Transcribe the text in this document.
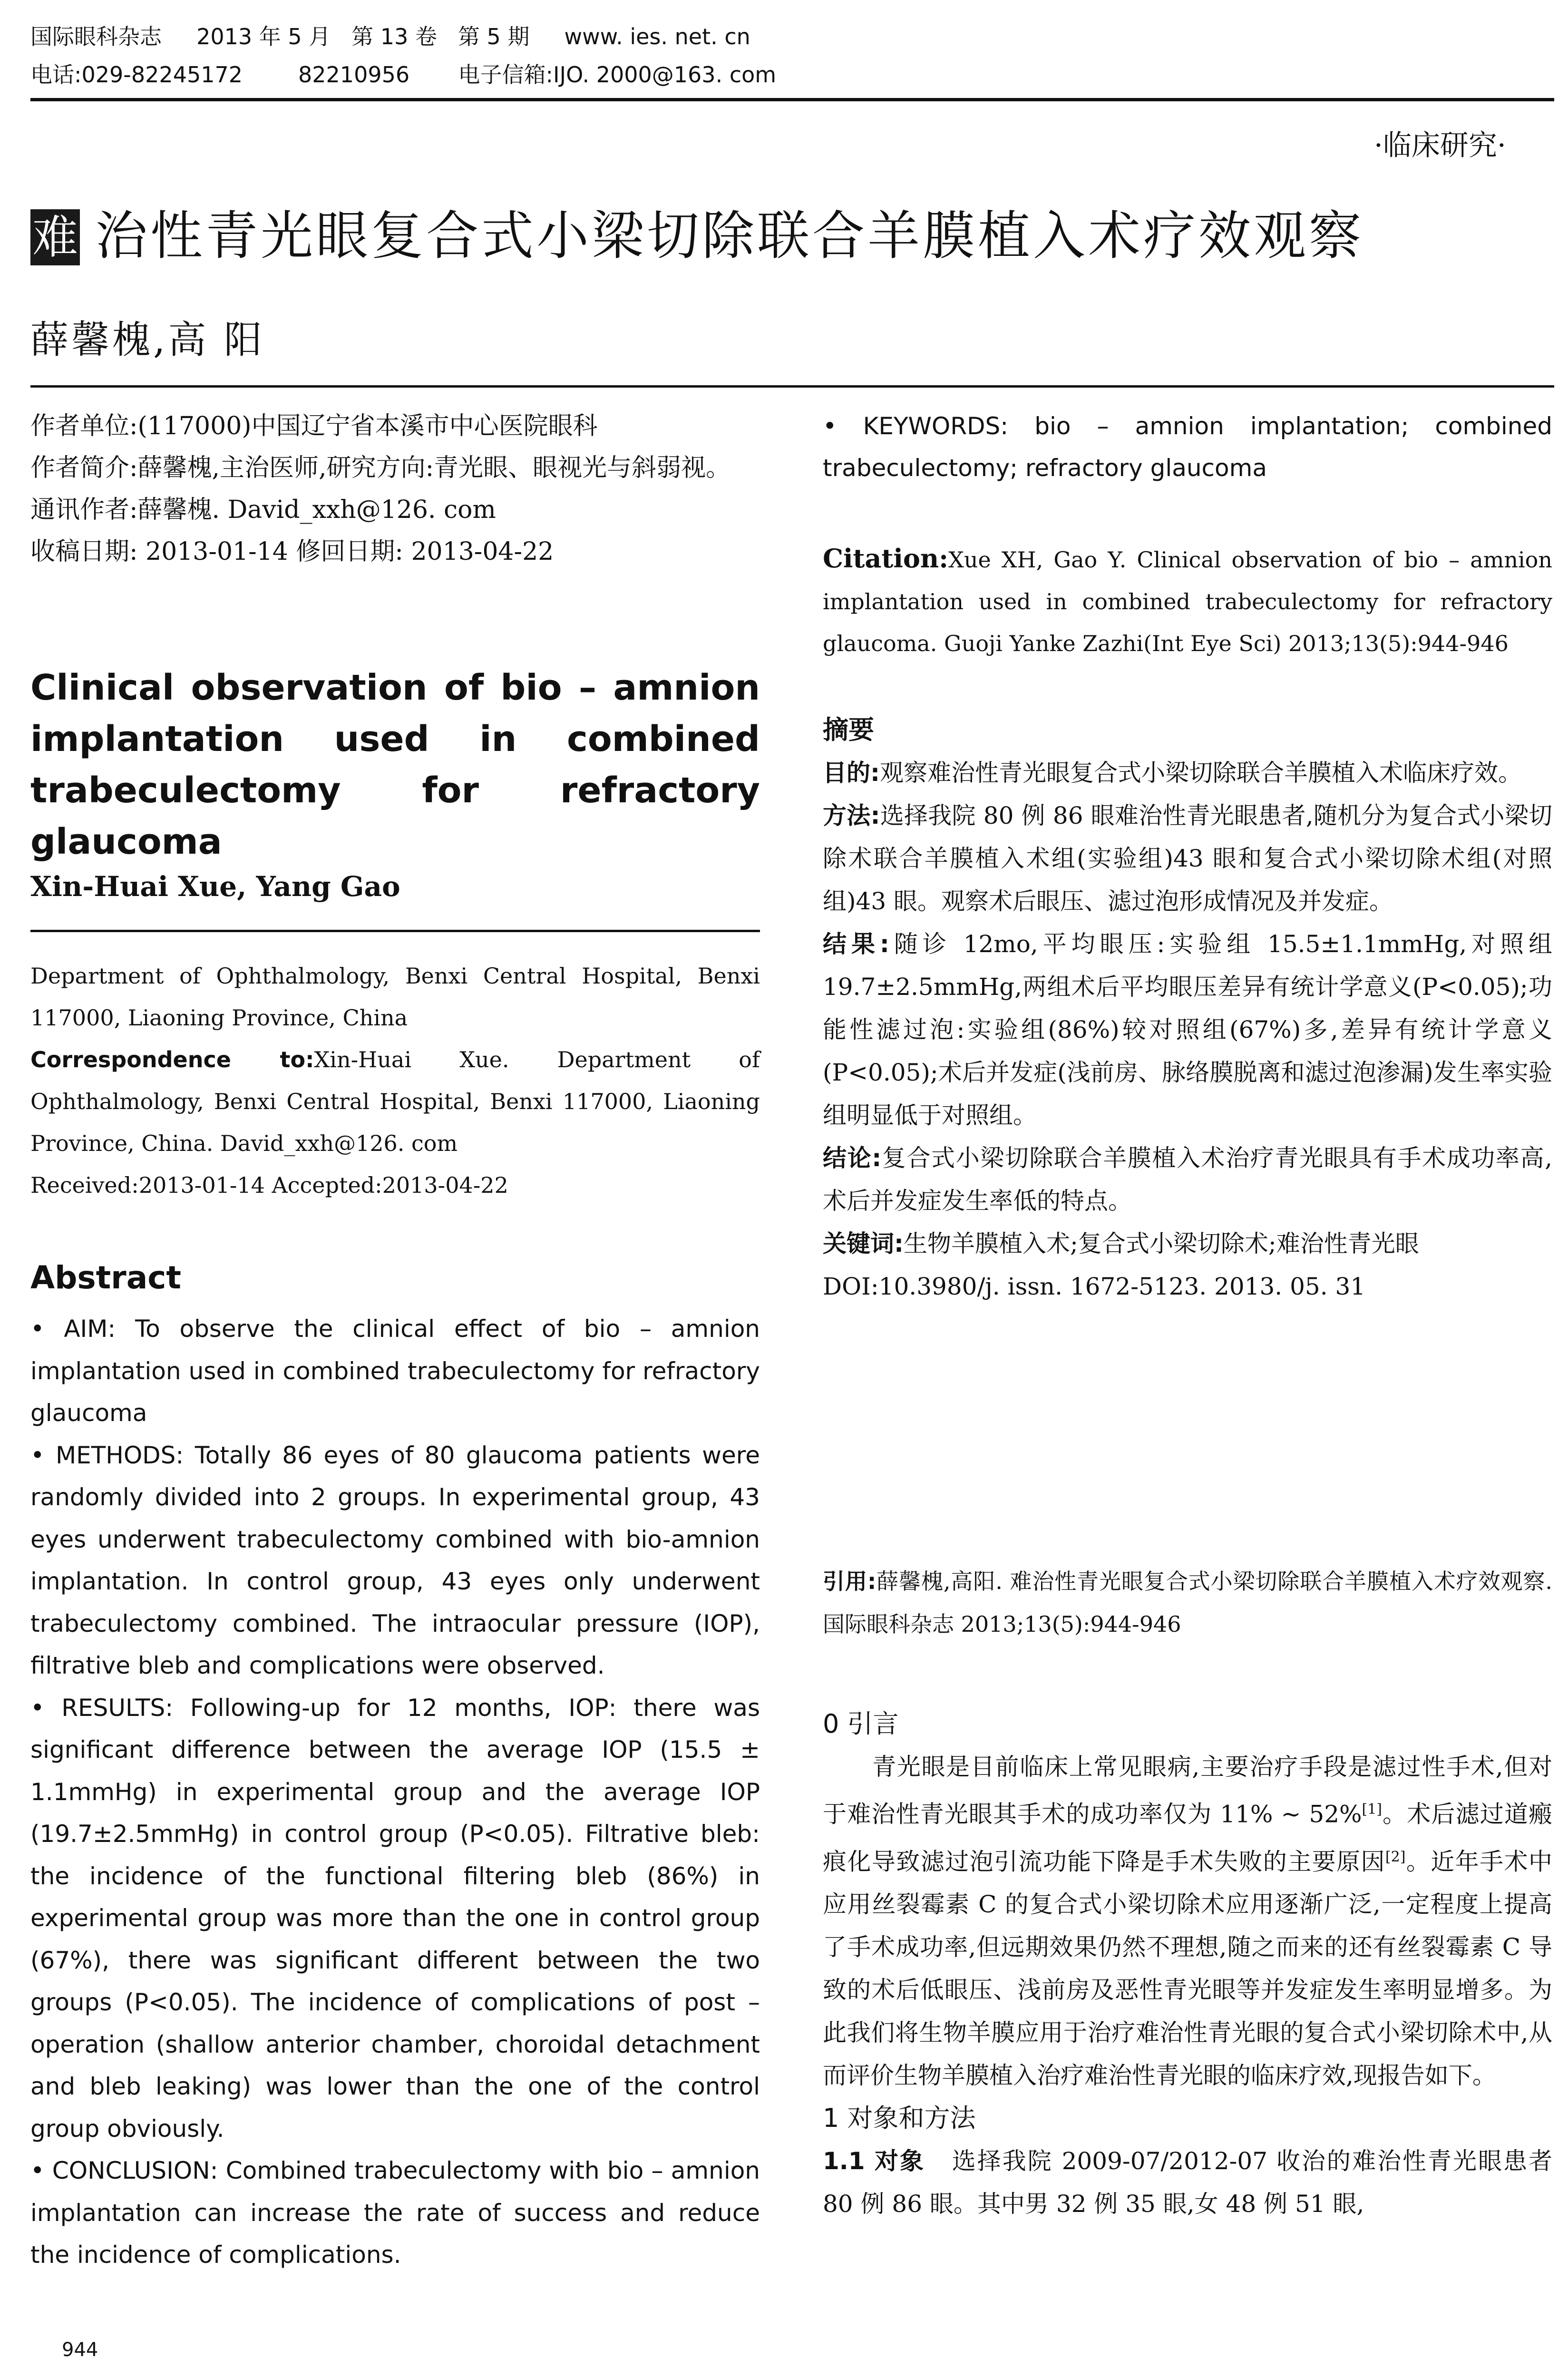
国际眼科杂志     2013 年 5 月   第 13 卷   第 5 期     www. ies. net. cn
电话:029-82245172        82210956       电子信箱:IJO. 2000@163. com
·临床研究·
难 治性青光眼复合式小梁切除联合羊膜植入术疗效观察
薛馨槐,高 阳

作者单位:(117000)中国辽宁省本溪市中心医院眼科

作者简介:薛馨槐,主治医师,研究方向:青光眼、眼视光与斜弱视。

通讯作者:薛馨槐. David_xxh@126. com

收稿日期: 2013-01-14 修回日期: 2013-04-22

Clinical observation of bio – amnion
implantation used in combined
trabeculectomy for refractory glaucoma
Xin-Huai Xue, Yang Gao
Department of Ophthalmology, Benxi Central Hospital, Benxi 117000, Liaoning Province, China
Correspondence to:Xin-Huai Xue. Department of Ophthalmology, Benxi Central Hospital, Benxi 117000, Liaoning Province, China. David_xxh@126. com
Received:2013-01-14 Accepted:2013-04-22
Abstract

• AIM: To observe the clinical effect of bio – amnion implantation used in combined trabeculectomy for refractory glaucoma

• METHODS: Totally 86 eyes of 80 glaucoma patients were randomly divided into 2 groups. In experimental group, 43 eyes underwent trabeculectomy combined with bio-amnion implantation. In control group, 43 eyes only underwent trabeculectomy combined. The intraocular pressure (IOP), filtrative bleb and complications were observed.

• RESULTS: Following-up for 12 months, IOP: there was significant difference between the average IOP (15.5 ± 1.1mmHg) in experimental group and the average IOP (19.7±2.5mmHg) in control group (P<0.05). Filtrative bleb: the incidence of the functional filtering bleb (86%) in experimental group was more than the one in control group (67%), there was significant different between the two groups (P<0.05). The incidence of complications of post – operation (shallow anterior chamber, choroidal detachment and bleb leaking) was lower than the one of the control group obviously.

• CONCLUSION: Combined trabeculectomy with bio – amnion implantation can increase the rate of success and reduce the incidence of complications.

944
• KEYWORDS: bio – amnion implantation; combined trabeculectomy; refractory glaucoma
Citation:Xue XH, Gao Y. Clinical observation of bio – amnion implantation used in combined trabeculectomy for refractory glaucoma. Guoji Yanke Zazhi(Int Eye Sci) 2013;13(5):944-946

摘要

目的:观察难治性青光眼复合式小梁切除联合羊膜植入术临床疗效。

方法:选择我院 80 例 86 眼难治性青光眼患者,随机分为复合式小梁切除术联合羊膜植入术组(实验组)43 眼和复合式小梁切除术组(对照组)43 眼。观察术后眼压、滤过泡形成情况及并发症。

结果:随诊 12mo,平均眼压:实验组 15.5±1.1mmHg,对照组 19.7±2.5mmHg,两组术后平均眼压差异有统计学意义(P<0.05);功能性滤过泡:实验组(86%)较对照组(67%)多,差异有统计学意义(P<0.05);术后并发症(浅前房、脉络膜脱离和滤过泡渗漏)发生率实验组明显低于对照组。

结论:复合式小梁切除联合羊膜植入术治疗青光眼具有手术成功率高,术后并发症发生率低的特点。

关键词:生物羊膜植入术;复合式小梁切除术;难治性青光眼

DOI:10.3980/j. issn. 1672-5123. 2013. 05. 31

引用:薛馨槐,高阳. 难治性青光眼复合式小梁切除联合羊膜植入术疗效观察. 国际眼科杂志 2013;13(5):944-946

0 引言

青光眼是目前临床上常见眼病,主要治疗手段是滤过性手术,但对于难治性青光眼其手术的成功率仅为 11% ~ 52%[1]。术后滤过道瘢痕化导致滤过泡引流功能下降是手术失败的主要原因[2]。近年手术中应用丝裂霉素 C 的复合式小梁切除术应用逐渐广泛,一定程度上提高了手术成功率,但远期效果仍然不理想,随之而来的还有丝裂霉素 C 导致的术后低眼压、浅前房及恶性青光眼等并发症发生率明显增多。为此我们将生物羊膜应用于治疗难治性青光眼的复合式小梁切除术中,从而评价生物羊膜植入治疗难治性青光眼的临床疗效,现报告如下。

1 对象和方法

1.1 对象 选择我院 2009-07/2012-07 收治的难治性青光眼患者 80 例 86 眼。其中男 32 例 35 眼,女 48 例 51 眼,
